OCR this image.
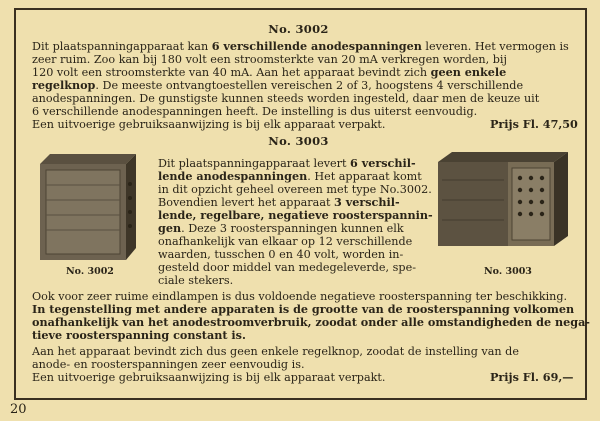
No. 3002
Dit plaatspanningapparaat kan 6 verschillende anodespanningen leveren. Het vermogen is
zeer ruim. Zoo kan bij 180 volt een stroomsterkte van 20 mA verkregen worden, bij
120 volt een stroomsterkte van 40 mA. Aan het apparaat bevindt zich geen enkele
regelknop. De meeste ontvangtoestellen vereischen 2 of 3, hoogstens 4 verschillende
anodespanningen. De gunstigste kunnen steeds worden ingesteld, daar men de keuze uit
6 verschillende anodespanningen heeft. De instelling is dus uiterst eenvoudig.
Een uitvoerige gebruiksaanwijzing is bij elk apparaat verpakt.	Prijs Fl. 47,50
No. 3003
No. 3002	No. 3003
Dit plaatspanningapparaat levert 6 verschil-
lende anodespanningen. Het apparaat komt
in dit opzicht geheel overeen met type No.3002.
Bovendien levert het apparaat 3 verschil-
lende, regelbare, negatieve roosterspannin-
gen. Deze 3 roosterspanningen kunnen elk
onafhankelijk van elkaar op 12 verschillende
waarden, tusschen 0 en 40 volt, worden in-
gesteld door middel van medegeleverde, spe-
ciale stekers.
Ook voor zeer ruime eindlampen is dus voldoende negatieve roosterspanning ter beschikking.
In tegenstelling met andere apparaten is de grootte van de roosterspanning volkomen
onafhankelijk van het anodestroomverbruik, zoodat onder alle omstandigheden de nega-
tieve roosterspanning constant is.
Aan het apparaat bevindt zich dus geen enkele regelknop, zoodat de instelling van de
anode- en roosterspanningen zeer eenvoudig is.
Een uitvoerige gebruiksaanwijzing is bij elk apparaat verpakt.	Prijs Fl. 69,—
20
